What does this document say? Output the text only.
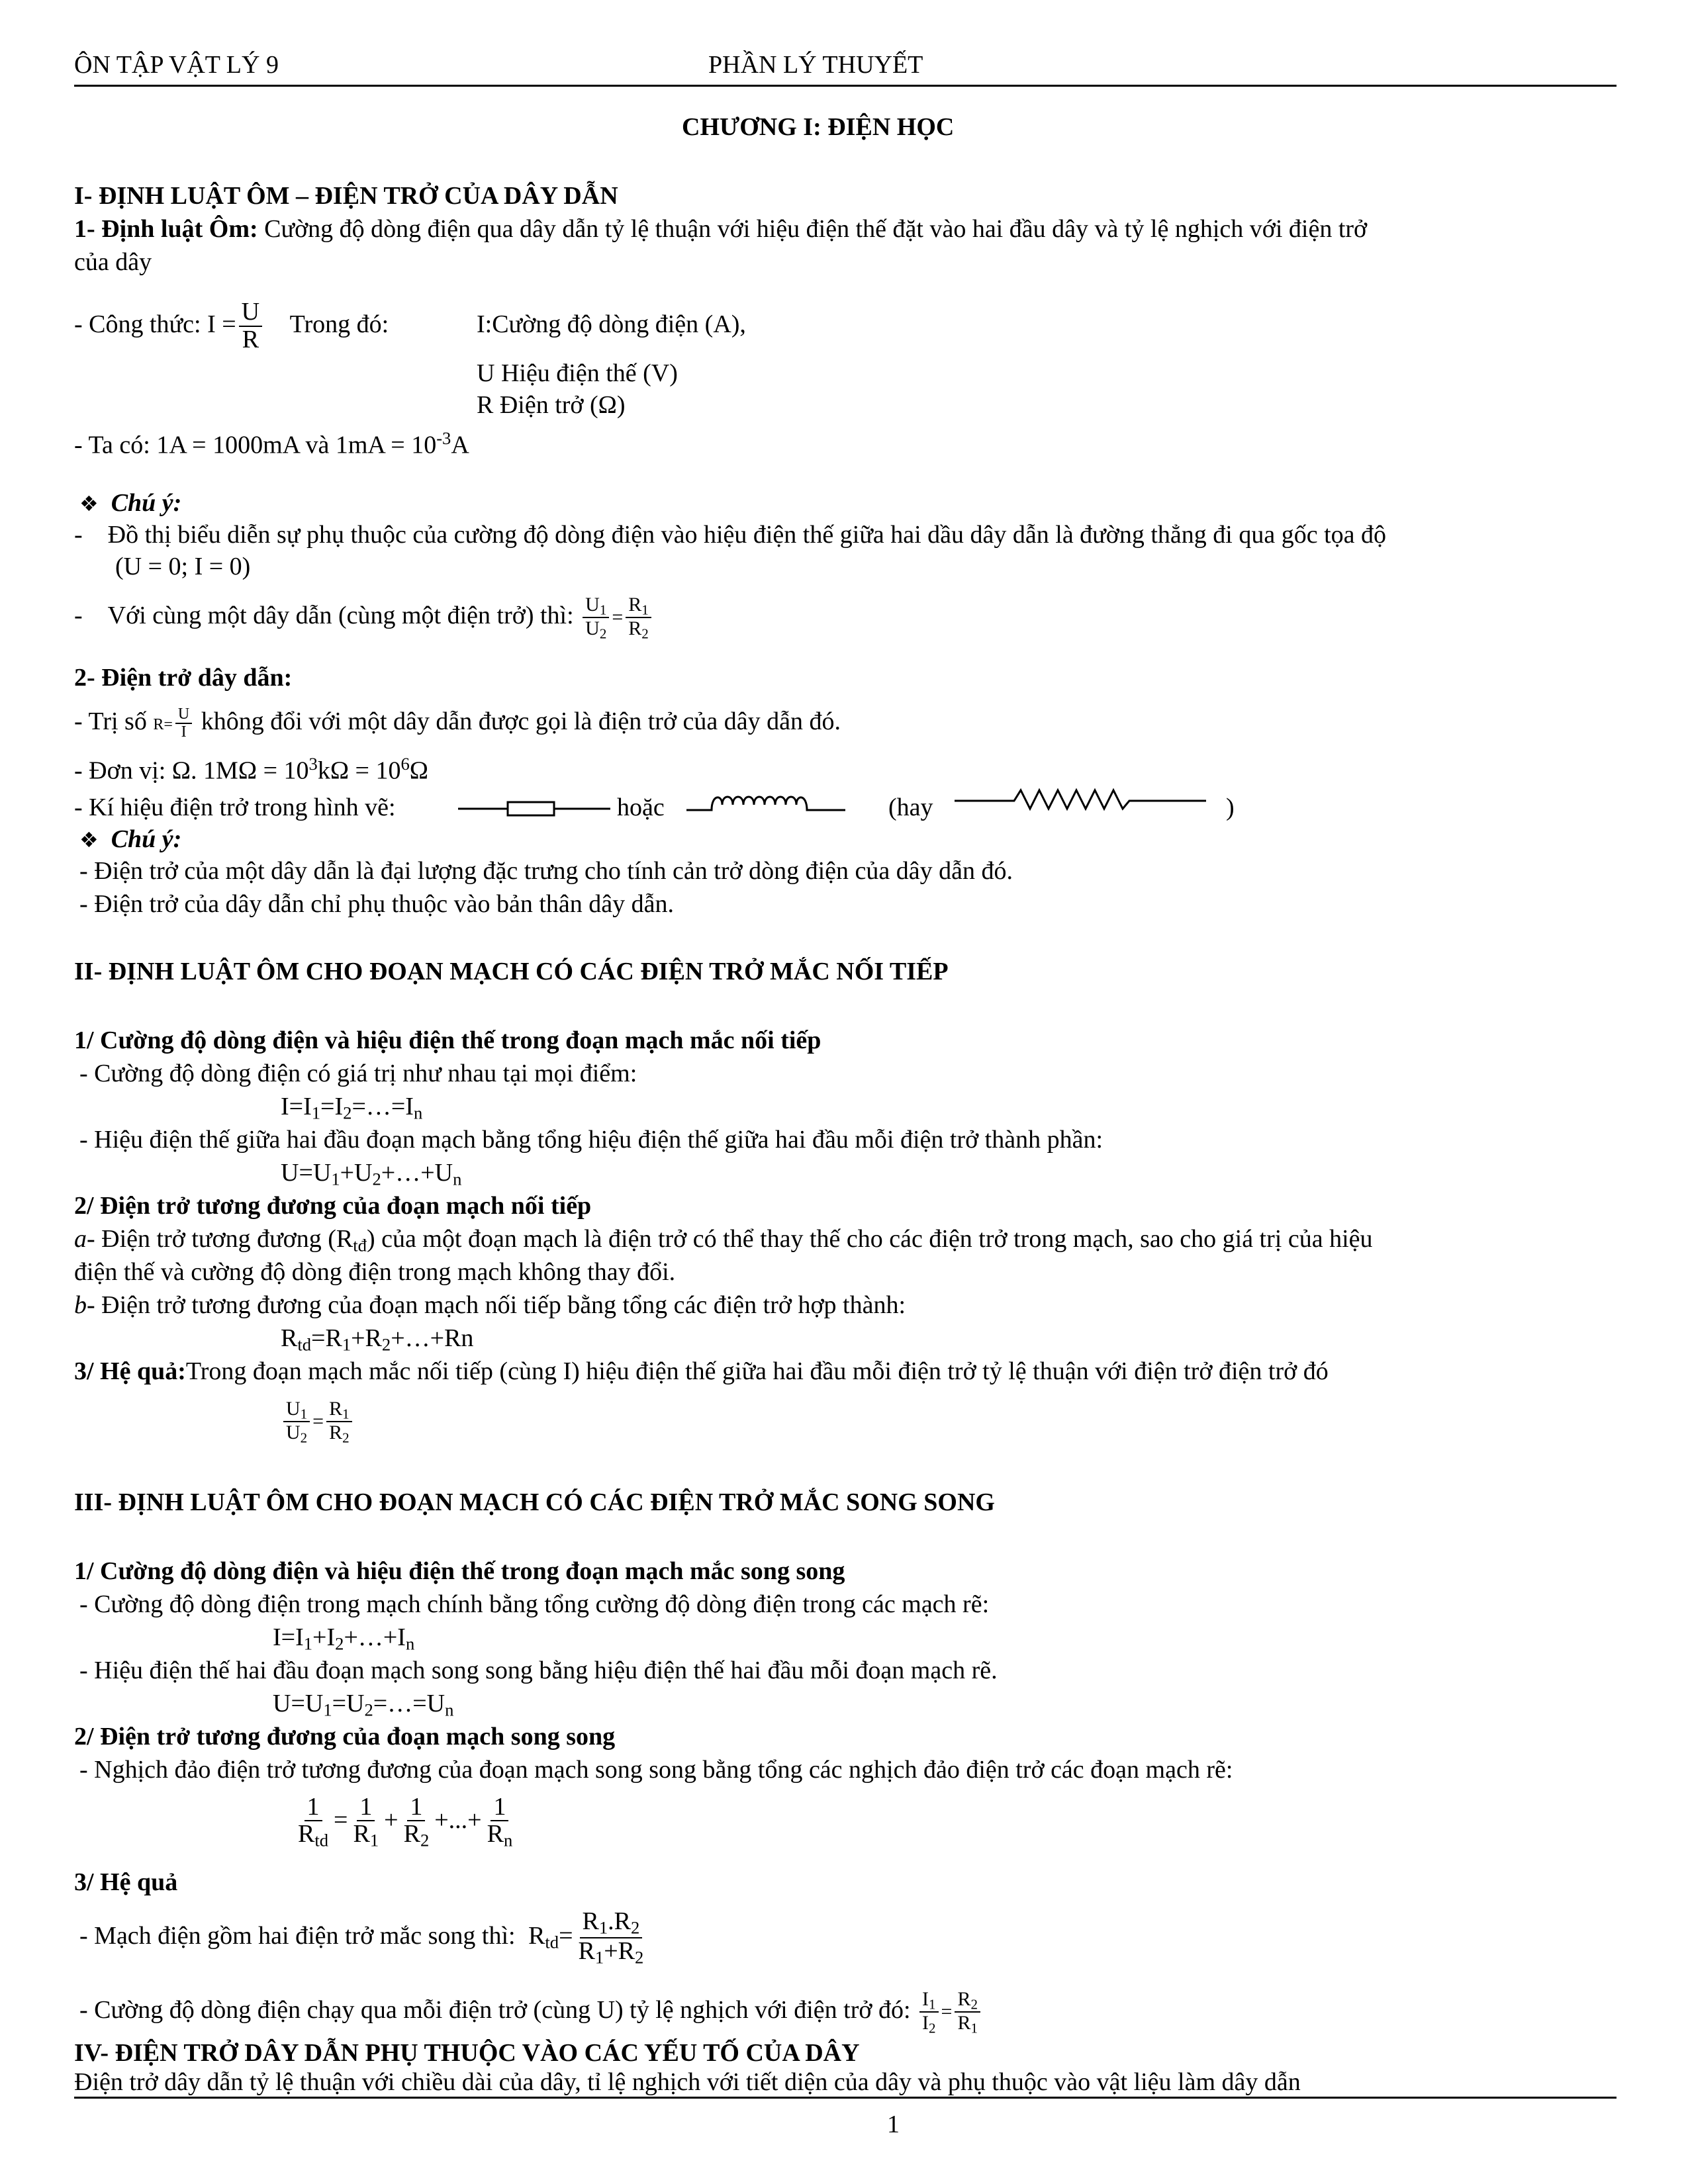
ÔN TẬP VẬT LÝ 9	PHẦN LÝ THUYẾT
CHƯƠNG I: ĐIỆN HỌC
I- ĐỊNH LUẬT ÔM – ĐIỆN TRỞ CỦA DÂY DẪN
1- Định luật Ôm: Cường độ dòng điện qua dây dẫn tỷ lệ thuận với hiệu điện thế đặt vào hai đầu dây và tỷ lệ nghịch với điện trở
của dây
- Công thức: $I = \frac{U}{R}$ Trong đó:	I:Cường độ dòng điện (A),
U Hiệu điện thế (V)
R Điện trở (Ω)
- Ta có: 1A = 1000mA và $1mA = 10^{-3}A$
❖ Chú ý:
-    Đồ thị biểu diễn sự phụ thuộc của cường độ dòng điện vào hiệu điện thế giữa hai dầu dây dẫn là đường thẳng đi qua gốc tọa độ
(U = 0; I = 0)
-    Với cùng một dây dẫn (cùng một điện trở) thì: $\frac{U_1}{U_2} = \frac{R_1}{R_2}$
2- Điện trở dây dẫn:
- Trị số $R= \frac{U}{I}$ không đổi với một dây dẫn được gọi là điện trở của dây dẫn đó.
- Đơn vị: Ω. $1M\Omega = 10^3k\Omega = 10^6\Omega$
- Kí hiệu điện trở trong hình vẽ:	hoặc	(hay	)
❖ Chú ý:
- Điện trở của một dây dẫn là đại lượng đặc trưng cho tính cản trở dòng điện của dây dẫn đó.
- Điện trở của dây dẫn chỉ phụ thuộc vào bản thân dây dẫn.
II- ĐỊNH LUẬT ÔM CHO ĐOẠN MẠCH CÓ CÁC ĐIỆN TRỞ MẮC NỐI TIẾP
1/ Cường độ dòng điện và hiệu điện thế trong đoạn mạch mắc nối tiếp
- Cường độ dòng điện có giá trị như nhau tại mọi điểm:
$I=I_1=I_2=\dots=I_n$
- Hiệu điện thế giữa hai đầu đoạn mạch bằng tổng hiệu điện thế giữa hai đầu mỗi điện trở thành phần:
$U=U_1+U_2+\dots+U_n$
2/ Điện trở tương đương của đoạn mạch nối tiếp
a- Điện trở tương đương $(R_{tđ})$ của một đoạn mạch là điện trở có thể thay thế cho các điện trở trong mạch, sao cho giá trị của hiệu
điện thế và cường độ dòng điện trong mạch không thay đổi.
b- Điện trở tương đương của đoạn mạch nối tiếp bằng tổng các điện trở hợp thành:
$R_{td}=R_1+R_2+\dots+Rn$
3/ Hệ quả:Trong đoạn mạch mắc nối tiếp (cùng I) hiệu điện thế giữa hai đầu mỗi điện trở tỷ lệ thuận với điện trở điện trở đó
$\frac{U_1}{U_2} = \frac{R_1}{R_2}$
III- ĐỊNH LUẬT ÔM CHO ĐOẠN MẠCH CÓ CÁC ĐIỆN TRỞ MẮC SONG SONG
1/ Cường độ dòng điện và hiệu điện thế trong đoạn mạch mắc song song
- Cường độ dòng điện trong mạch chính bằng tổng cường độ dòng điện trong các mạch rẽ:
$I=I_1+I_2+\dots+I_n$
- Hiệu điện thế hai đầu đoạn mạch song song bằng hiệu điện thế hai đầu mỗi đoạn mạch rẽ.
$U=U_1=U_2=\dots=U_n$
2/ Điện trở tương đương của đoạn mạch song song
- Nghịch đảo điện trở tương đương của đoạn mạch song song bằng tổng các nghịch đảo điện trở các đoạn mạch rẽ:
$\frac{1}{R_{td}} = \frac{1}{R_1} + \frac{1}{R_2}$ +...+ $\frac{1}{R_n}$
3/ Hệ quả
- Mạch điện gồm hai điện trở mắc song thì: $R_{td}= \frac{R_1.R_2}{R_1+R_2}$
- Cường độ dòng điện chạy qua mỗi điện trở (cùng U) tỷ lệ nghịch với điện trở đó: $\frac{I_1}{I_2} = \frac{R_2}{R_1}$
IV- ĐIỆN TRỞ DÂY DẪN PHỤ THUỘC VÀO CÁC YẾU TỐ CỦA DÂY
Điện trở dây dẫn tỷ lệ thuận với chiều dài của dây, tỉ lệ nghịch với tiết diện của dây và phụ thuộc vào vật liệu làm dây dẫn
1
